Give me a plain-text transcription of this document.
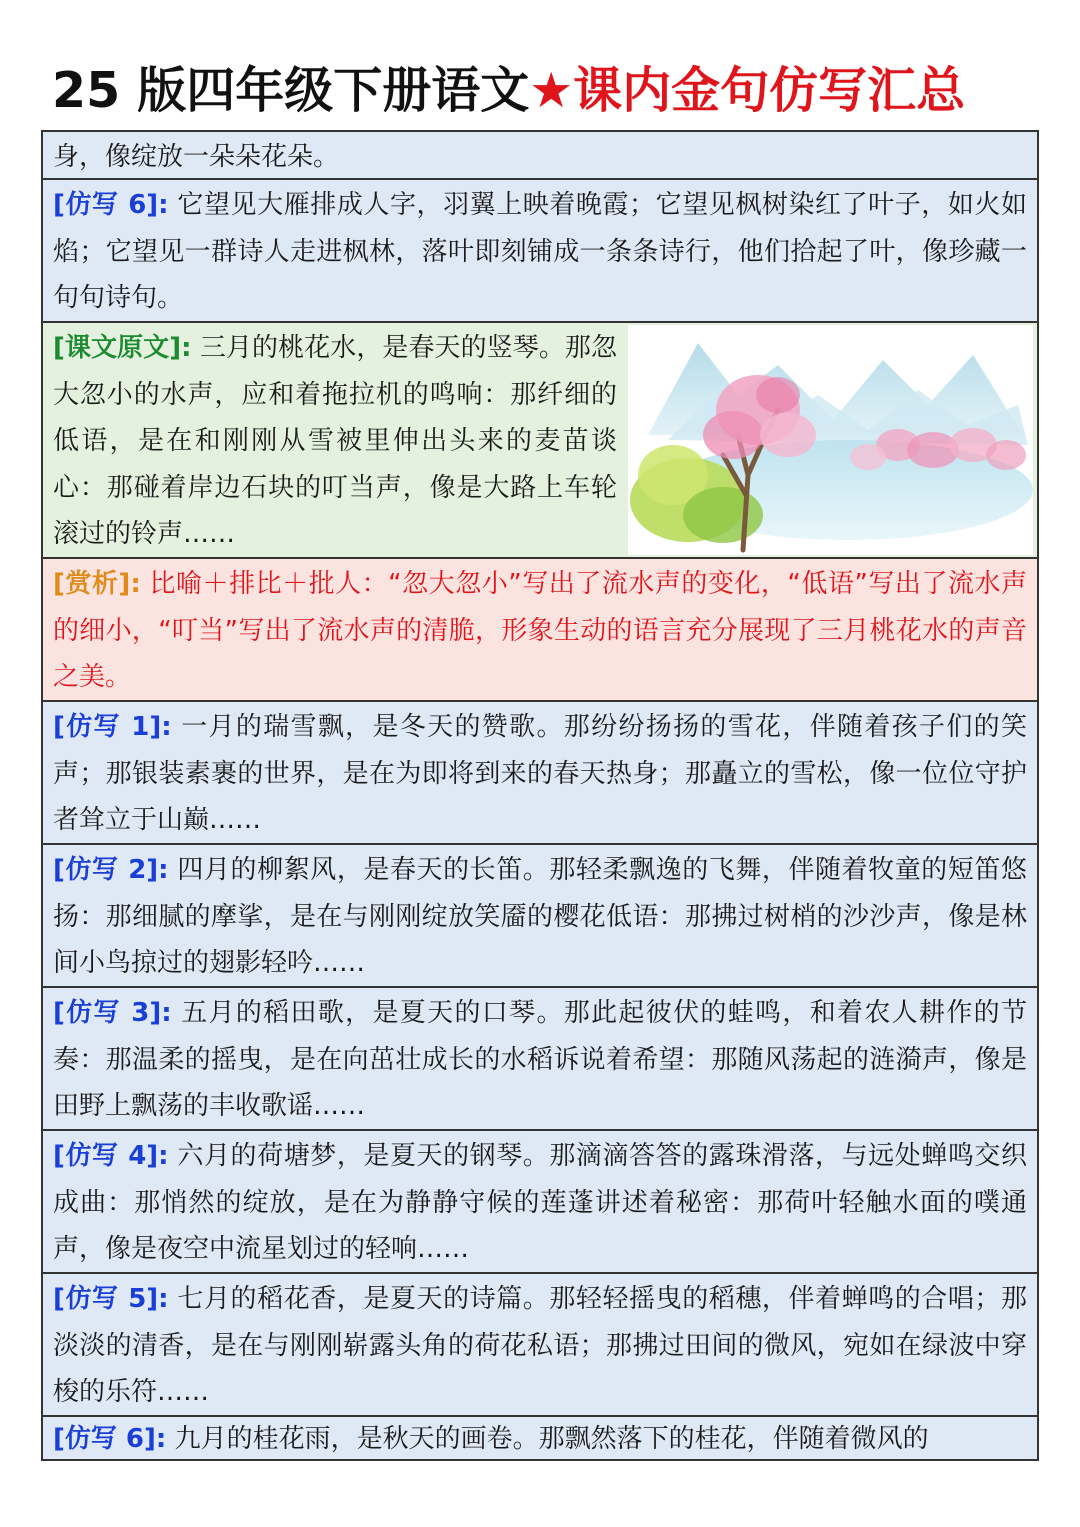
25 版四年级下册语文★课内金句仿写汇总
身，像绽放一朵朵花朵。
[仿写 6]: 它望见大雁排成人字，羽翼上映着晚霞；它望见枫树染红了叶子，如火如焰；它望见一群诗人走进枫林，落叶即刻铺成一条条诗行，他们拾起了叶，像珍藏一句句诗句。
[课文原文]: 三月的桃花水，是春天的竖琴。那忽大忽小的水声，应和着拖拉机的鸣响：那纤细的低语，是在和刚刚从雪被里伸出头来的麦苗谈心：那碰着岸边石块的叮当声，像是大路上车轮滚过的铃声……
[赏析]: 比喻＋排比＋批人：“忽大忽小”写出了流水声的变化，“低语”写出了流水声的细小，“叮当”写出了流水声的清脆，形象生动的语言充分展现了三月桃花水的声音之美。
[仿写 1]: 一月的瑞雪飘，是冬天的赞歌。那纷纷扬扬的雪花，伴随着孩子们的笑声；那银装素裹的世界，是在为即将到来的春天热身；那矗立的雪松，像一位位守护者耸立于山巅……
[仿写 2]: 四月的柳絮风，是春天的长笛。那轻柔飘逸的飞舞，伴随着牧童的短笛悠扬：那细腻的摩挲，是在与刚刚绽放笑靥的樱花低语：那拂过树梢的沙沙声，像是林间小鸟掠过的翅影轻吟……
[仿写 3]: 五月的稻田歌，是夏天的口琴。那此起彼伏的蛙鸣，和着农人耕作的节奏：那温柔的摇曳，是在向茁壮成长的水稻诉说着希望：那随风荡起的涟漪声，像是田野上飘荡的丰收歌谣……
[仿写 4]: 六月的荷塘梦，是夏天的钢琴。那滴滴答答的露珠滑落，与远处蝉鸣交织成曲：那悄然的绽放，是在为静静守候的莲蓬讲述着秘密：那荷叶轻触水面的噗通声，像是夜空中流星划过的轻响……
[仿写 5]: 七月的稻花香，是夏天的诗篇。那轻轻摇曳的稻穗，伴着蝉鸣的合唱；那淡淡的清香，是在与刚刚崭露头角的荷花私语；那拂过田间的微风，宛如在绿波中穿梭的乐符……
[仿写 6]: 九月的桂花雨，是秋天的画卷。那飘然落下的桂花，伴随着微风的
